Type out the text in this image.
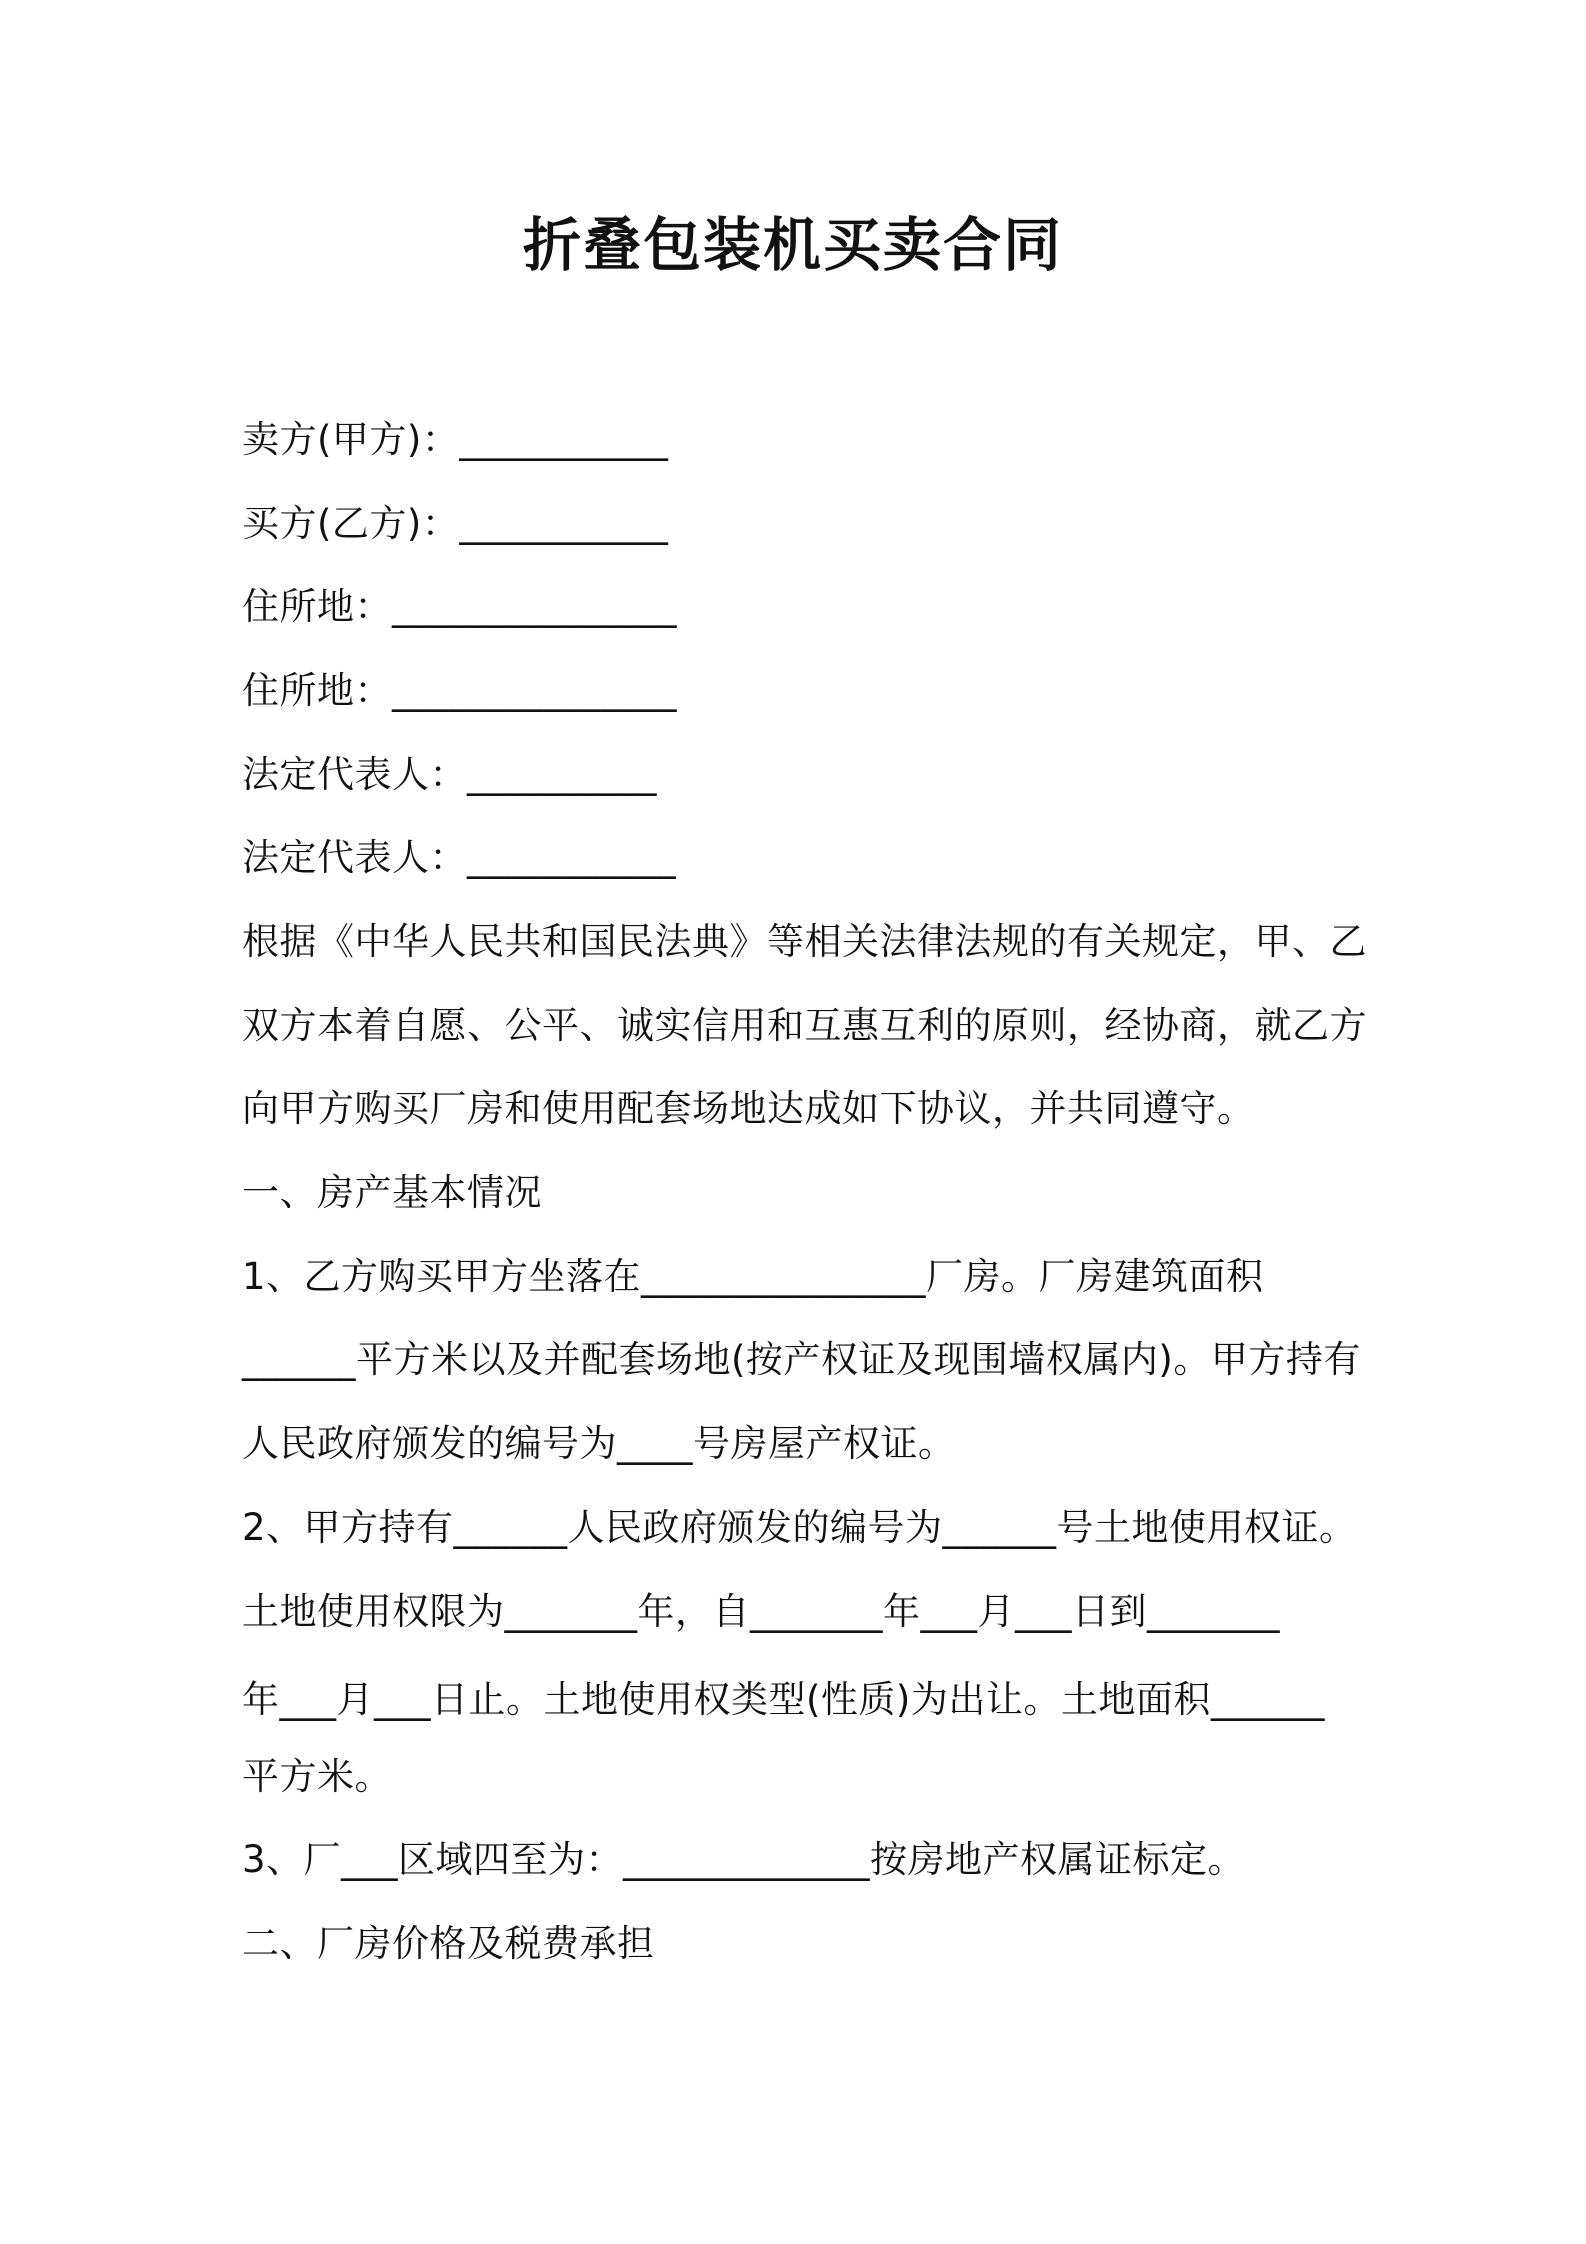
折叠包装机买卖合同
卖方(甲方)：___________
买方(乙方)：___________
住所地：_______________
住所地：_______________
法定代表人：__________
法定代表人：___________
根据《中华人民共和国民法典》等相关法律法规的有关规定，甲、乙
双方本着自愿、公平、诚实信用和互惠互利的原则，经协商，就乙方
向甲方购买厂房和使用配套场地达成如下协议，并共同遵守。
一、房产基本情况
1、乙方购买甲方坐落在_______________厂房。厂房建筑面积
______平方米以及并配套场地(按产权证及现围墙权属内)。甲方持有
人民政府颁发的编号为____号房屋产权证。
2、甲方持有______人民政府颁发的编号为______号土地使用权证。
土地使用权限为_______年，自_______年___月___日到_______
年___月___日止。土地使用权类型(性质)为出让。土地面积______
平方米。
3、厂___区域四至为：_____________按房地产权属证标定。
二、厂房价格及税费承担
